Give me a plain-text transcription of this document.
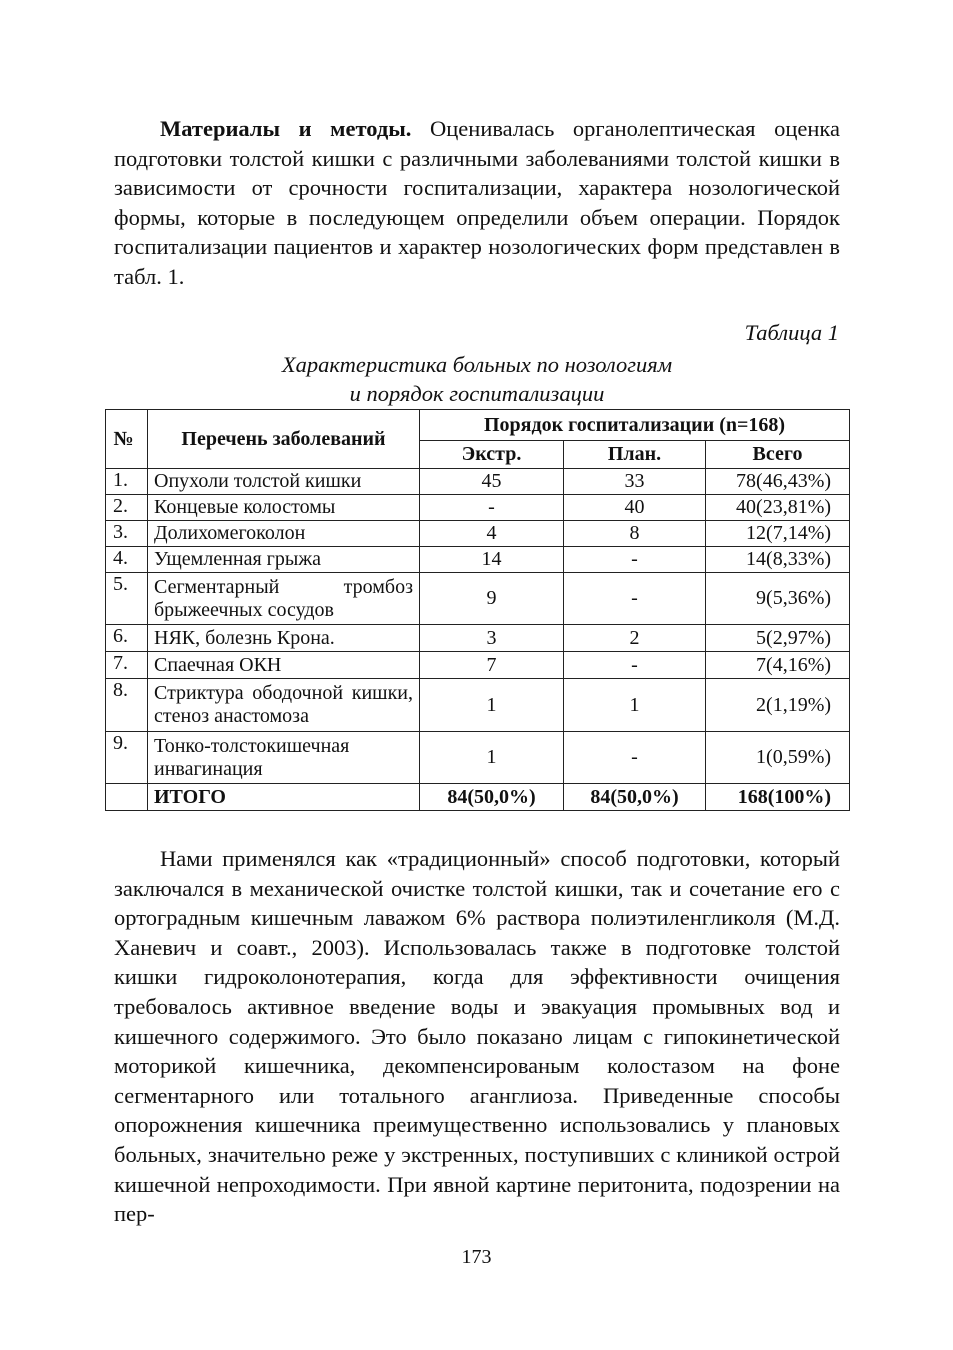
Материалы и методы. Оценивалась органолептическая оценка подготовки толстой кишки с различными заболеваниями толстой кишки в зависимости от срочности госпитализации, характера нозологической формы, которые в последующем определили объем операции. Порядок госпитализации пациентов и характер нозологических форм представлен в табл. 1.

Таблица 1
Характеристика больных по нозологиям
и порядок госпитализации
№	Перечень заболеваний	Порядок госпитализации (n=168)		
		Экстр.	План.	Всего
1.	Опухоли толстой кишки	45	33	78(46,43%)
2.	Концевые колостомы	-	40	40(23,81%)
3.	Долихомегоколон	4	8	12(7,14%)
4.	Ущемленная грыжа	14	-	14(8,33%)
5.	Сегментарный тромбоз брыжеечных сосудов	9	-	9(5,36%)
6.	НЯК, болезнь Крона.	3	2	5(2,97%)
7.	Спаечная ОКН	7	-	7(4,16%)
8.	Стриктура ободочной кишки, стеноз анастомоза	1	1	2(1,19%)
9.	Тонко-толстокишечная инвагинация	1	-	1(0,59%)
	ИТОГО	84(50,0%)	84(50,0%)	168(100%)

Нами применялся как «традиционный» способ подготовки, который заключался в механической очистке толстой кишки, так и сочетание его с ортоградным кишечным лаважом 6% раствора полиэтиленгликоля (М.Д. Ханевич и соавт., 2003). Использовалась также в подготовке толстой кишки гидроколонотерапия, когда для эффективности очищения требовалось активное введение воды и эвакуация промывных вод и кишечного содержимого. Это было показано лицам с гипокинетической моторикой кишечника, декомпенсированым колостазом на фоне сегментарного или тотального аганглиоза. Приведенные способы опорожнения кишечника преимущественно использовались у плановых больных, значительно реже у экстренных, поступивших с клиникой острой кишечной непроходимости. При явной картине перитонита, подозрении на пер-

173
